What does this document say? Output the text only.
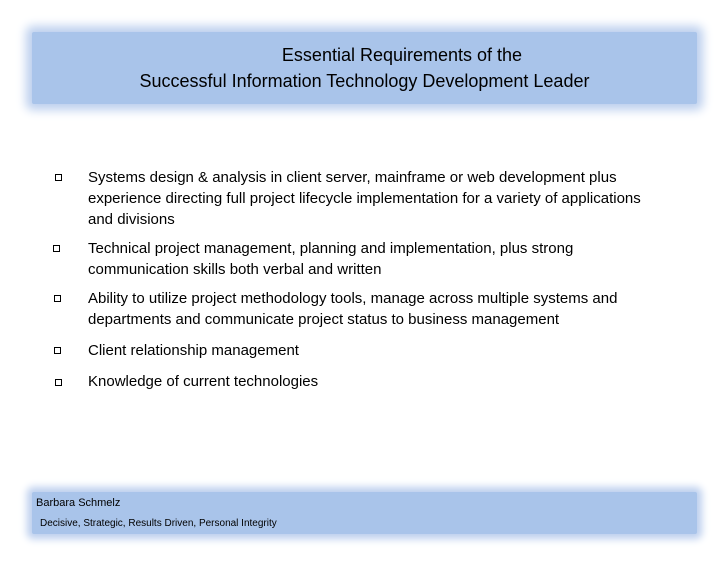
Essential Requirements of the
Successful Information Technology Development Leader
Systems design & analysis in client server, mainframe or web development plus experience directing full project lifecycle implementation for a variety of applications and divisions
Technical project management, planning and implementation, plus strong communication skills both verbal and written
Ability to utilize project methodology tools, manage across multiple systems and departments and communicate project status to business management
Client relationship management
Knowledge of current technologies
Barbara Schmelz
Decisive, Strategic, Results Driven, Personal Integrity
